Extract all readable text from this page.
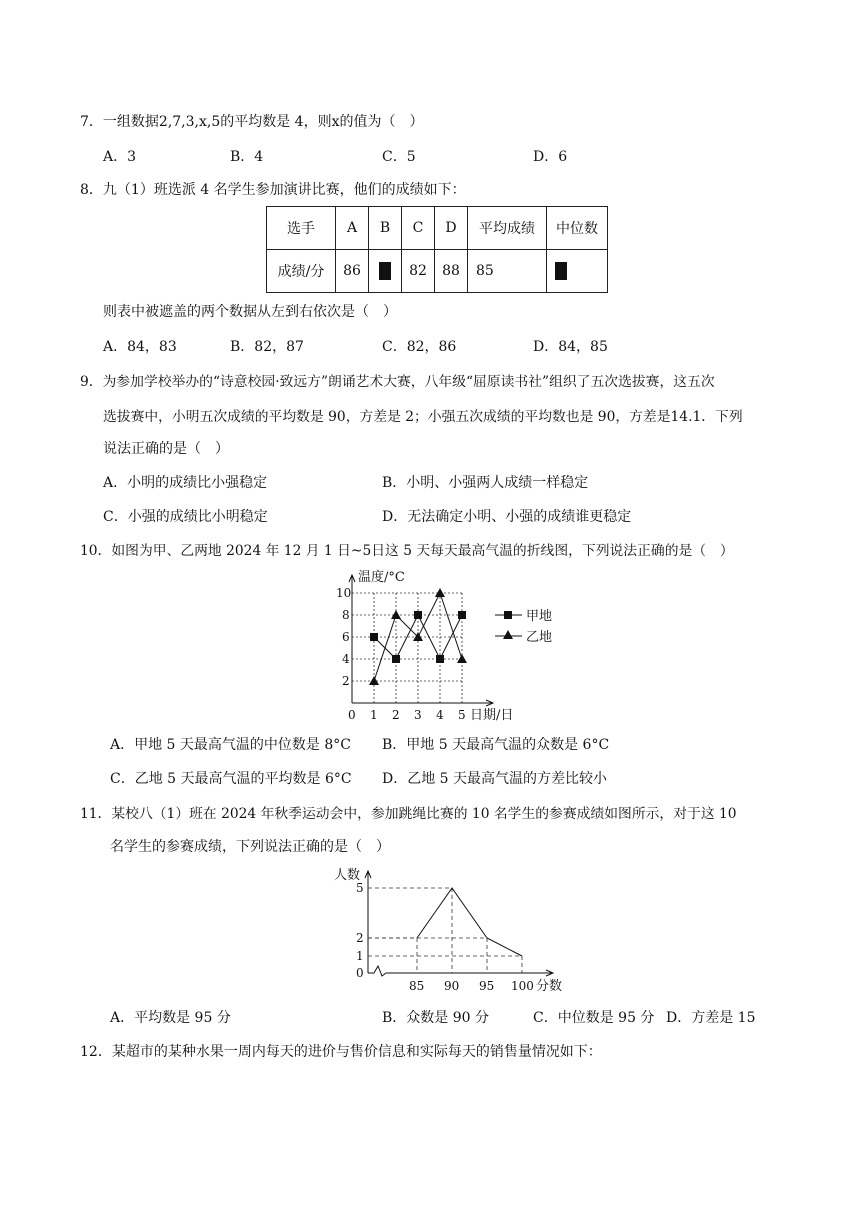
7．一组数据2,7,3,x,5的平均数是 4，则x的值为（　）
A．3	B．4	C．5	D．6
8．九（1）班选派 4 名学生参加演讲比赛，他们的成绩如下：
选手	A	B	C	D	平均成绩	中位数
成绩/分	86		82	88	85	
则表中被遮盖的两个数据从左到右依次是（　）
A．84，83	B．82，87	C．82，86	D．84，85
9．为参加学校举办的“诗意校园·致远方”朗诵艺术大赛，八年级“屈原读书社”组织了五次选拔赛，这五次
选拔赛中，小明五次成绩的平均数是 90，方差是 2；小强五次成绩的平均数也是 90，方差是14.1．下列
说法正确的是（　）
A．小明的成绩比小强稳定	B．小明、小强两人成绩一样稳定
C．小强的成绩比小明稳定	D．无法确定小明、小强的成绩谁更稳定
10．如图为甲、乙两地 2024 年 12 月 1 日~5日这 5 天每天最高气温的折线图，下列说法正确的是（　）
温度/°C
日期/日
0 1 2 3 4 5
2
4
6
8
10
甲地
乙地
A．甲地 5 天最高气温的中位数是 8°C B．甲地 5 天最高气温的众数是 6°C
C．乙地 5 天最高气温的平均数是 6°C D．乙地 5 天最高气温的方差比较小
11．某校八（1）班在 2024 年秋季运动会中，参加跳绳比赛的 10 名学生的参赛成绩如图所示，对于这 10
名学生的参赛成绩，下列说法正确的是（　）
人数
分数
85 90 95 100
0
1
2
5
A．平均数是 95 分	B．众数是 90 分	C．中位数是 95 分 D．方差是 15
12．某超市的某种水果一周内每天的进价与售价信息和实际每天的销售量情况如下：
